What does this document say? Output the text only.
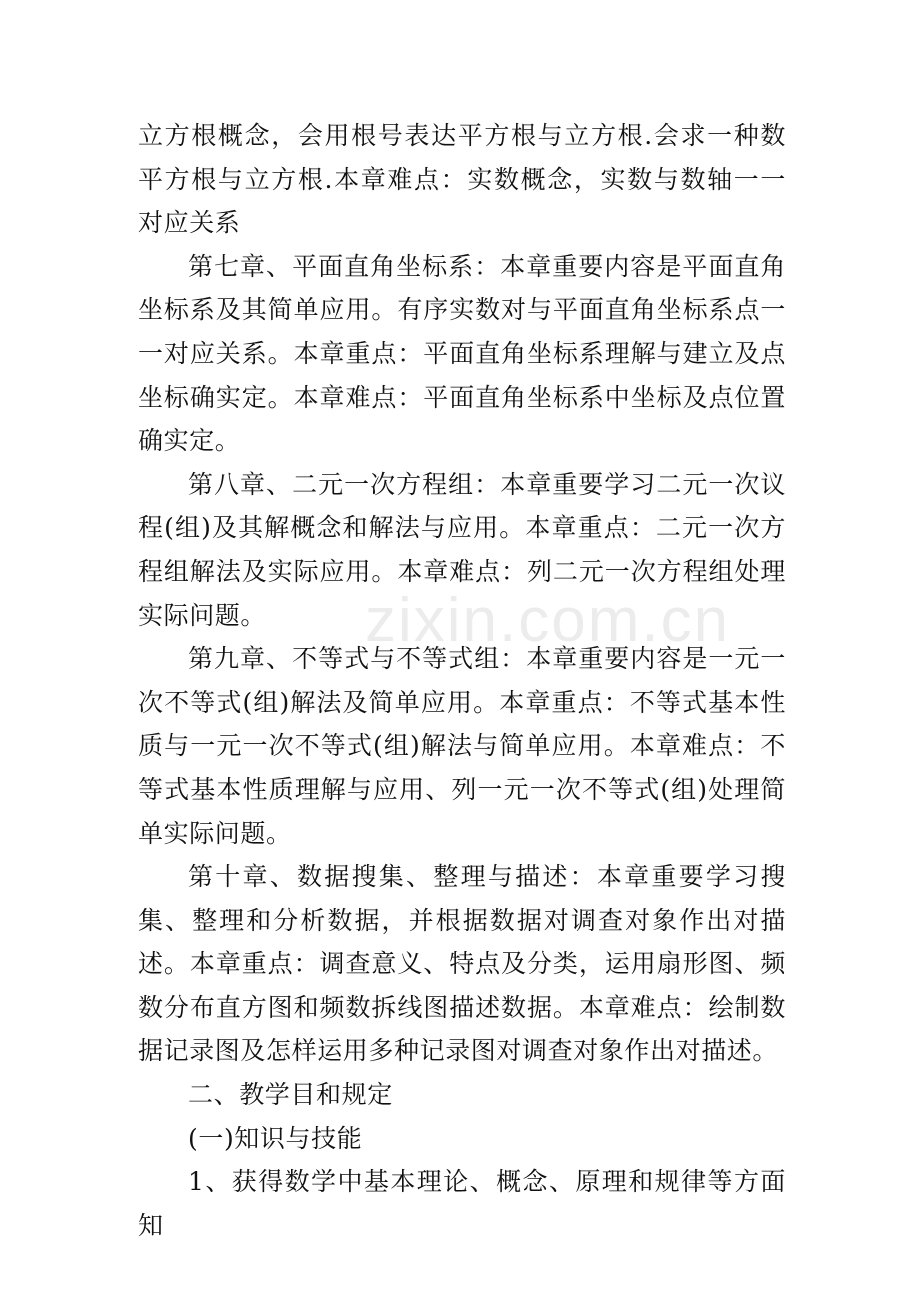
zixin.com.cn

立方根概念，会用根号表达平方根与立方根.会求一种数平方根与立方根.本章难点：实数概念，实数与数轴一一对应关系

第七章、平面直角坐标系：本章重要内容是平面直角坐标系及其简单应用。有序实数对与平面直角坐标系点一一对应关系。本章重点：平面直角坐标系理解与建立及点坐标确实定。本章难点：平面直角坐标系中坐标及点位置确实定。

第八章、二元一次方程组：本章重要学习二元一次议程(组)及其解概念和解法与应用。本章重点：二元一次方程组解法及实际应用。本章难点：列二元一次方程组处理实际问题。

第九章、不等式与不等式组：本章重要内容是一元一次不等式(组)解法及简单应用。本章重点：不等式基本性质与一元一次不等式(组)解法与简单应用。本章难点：不等式基本性质理解与应用、列一元一次不等式(组)处理简单实际问题。

第十章、数据搜集、整理与描述：本章重要学习搜集、整理和分析数据，并根据数据对调查对象作出对描述。本章重点：调查意义、特点及分类，运用扇形图、频数分布直方图和频数拆线图描述数据。本章难点：绘制数据记录图及怎样运用多种记录图对调查对象作出对描述。

二、教学目和规定

(一)知识与技能

1、获得数学中基本理论、概念、原理和规律等方面知
